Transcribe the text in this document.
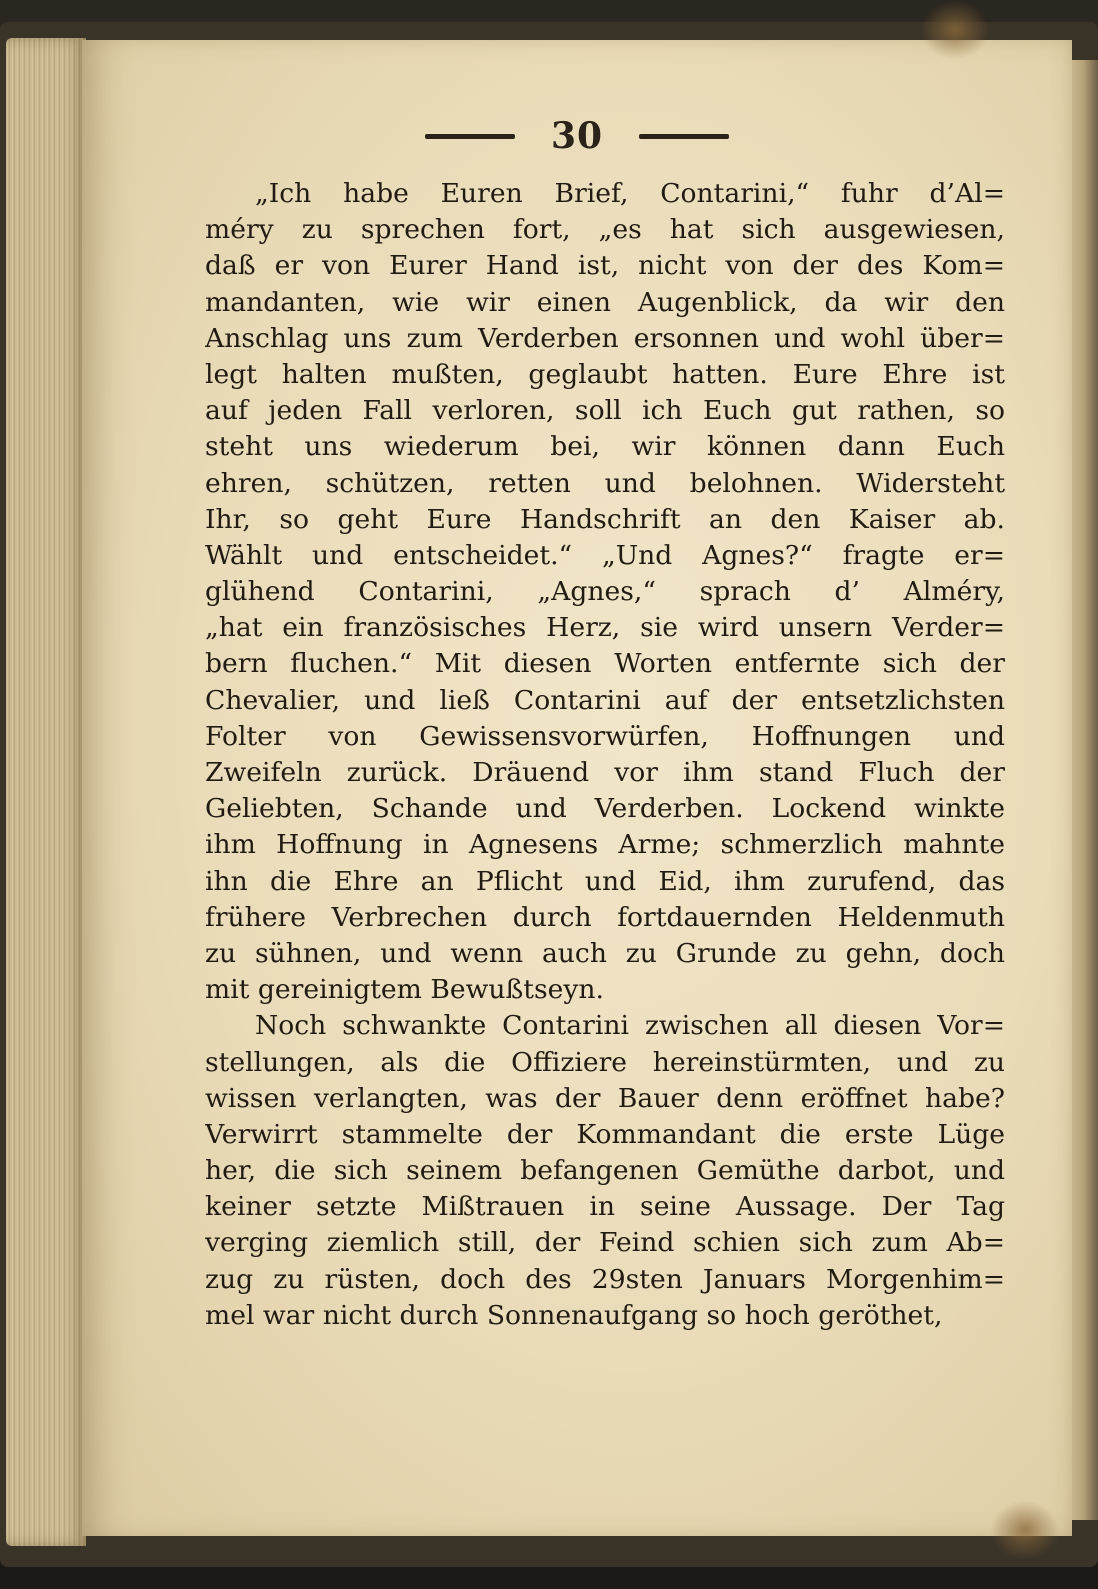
30
„Ich habe Euren Brief, Contarini,“ fuhr d’Al=
méry zu sprechen fort, „es hat sich ausgewiesen,
daß er von Eurer Hand ist, nicht von der des Kom=
mandanten, wie wir einen Augenblick, da wir den
Anschlag uns zum Verderben ersonnen und wohl über=
legt halten mußten, geglaubt hatten. Eure Ehre ist
auf jeden Fall verloren, soll ich Euch gut rathen, so
steht uns wiederum bei, wir können dann Euch
ehren, schützen, retten und belohnen. Widersteht
Ihr, so geht Eure Handschrift an den Kaiser ab.
Wählt und entscheidet.“ „Und Agnes?“ fragte er=
glühend Contarini, „Agnes,“ sprach d’ Alméry,
„hat ein französisches Herz, sie wird unsern Verder=
bern fluchen.“ Mit diesen Worten entfernte sich der
Chevalier, und ließ Contarini auf der entsetzlichsten
Folter von Gewissensvorwürfen, Hoffnungen und
Zweifeln zurück. Dräuend vor ihm stand Fluch der
Geliebten, Schande und Verderben. Lockend winkte
ihm Hoffnung in Agnesens Arme; schmerzlich mahnte
ihn die Ehre an Pflicht und Eid, ihm zurufend, das
frühere Verbrechen durch fortdauernden Heldenmuth
zu sühnen, und wenn auch zu Grunde zu gehn, doch
mit gereinigtem Bewußtseyn.
Noch schwankte Contarini zwischen all diesen Vor=
stellungen, als die Offiziere hereinstürmten, und zu
wissen verlangten, was der Bauer denn eröffnet habe?
Verwirrt stammelte der Kommandant die erste Lüge
her, die sich seinem befangenen Gemüthe darbot, und
keiner setzte Mißtrauen in seine Aussage. Der Tag
verging ziemlich still, der Feind schien sich zum Ab=
zug zu rüsten, doch des 29sten Januars Morgenhim=
mel war nicht durch Sonnenaufgang so hoch geröthet,
